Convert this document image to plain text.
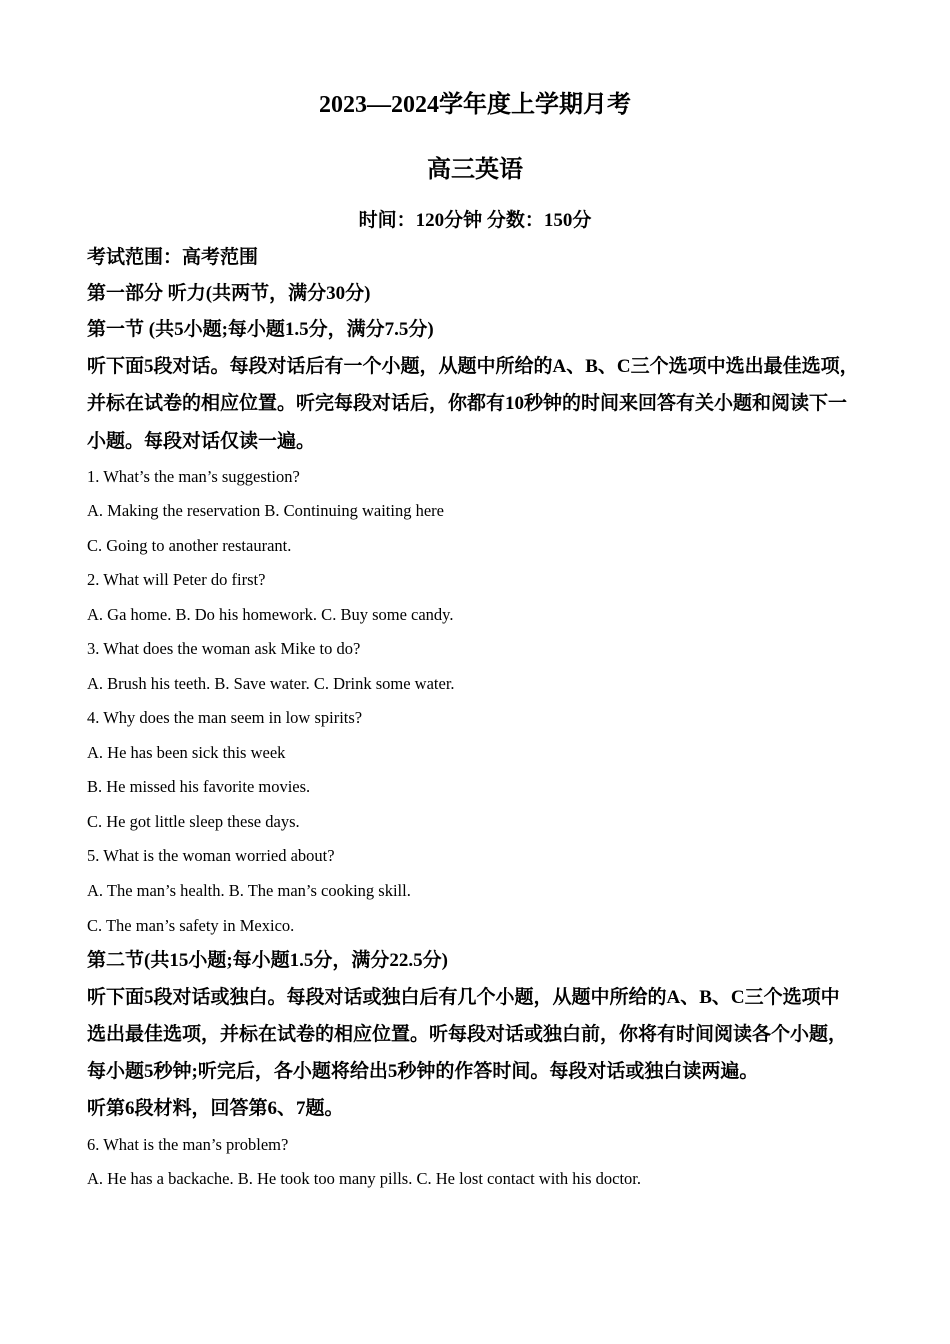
2023—2024学年度上学期月考
高三英语
时间：120分钟 分数：150分
考试范围：高考范围
第一部分 听力(共两节，满分30分)
第一节 (共5小题;每小题1.5分，满分7.5分)
听下面5段对话。每段对话后有一个小题，从题中所给的A、B、C三个选项中选出最佳选项，
并标在试卷的相应位置。听完每段对话后，你都有10秒钟的时间来回答有关小题和阅读下一
小题。每段对话仅读一遍。
1. What’s the man’s suggestion?
A. Making the reservation B. Continuing waiting here
C. Going to another restaurant.
2. What will Peter do first?
A. Ga home. B. Do his homework. C. Buy some candy.
3. What does the woman ask Mike to do?
A. Brush his teeth. B. Save water. C. Drink some water.
4. Why does the man seem in low spirits?
A. He has been sick this week
B. He missed his favorite movies.
C. He got little sleep these days.
5. What is the woman worried about?
A. The man’s health. B. The man’s cooking skill.
C. The man’s safety in Mexico.
第二节(共15小题;每小题1.5分，满分22.5分)
听下面5段对话或独白。每段对话或独白后有几个小题，从题中所给的A、B、C三个选项中
选出最佳选项，并标在试卷的相应位置。听每段对话或独白前，你将有时间阅读各个小题，
每小题5秒钟;听完后，各小题将给出5秒钟的作答时间。每段对话或独白读两遍。
听第6段材料，回答第6、7题。
6. What is the man’s problem?
A. He has a backache. B. He took too many pills. C. He lost contact with his doctor.
